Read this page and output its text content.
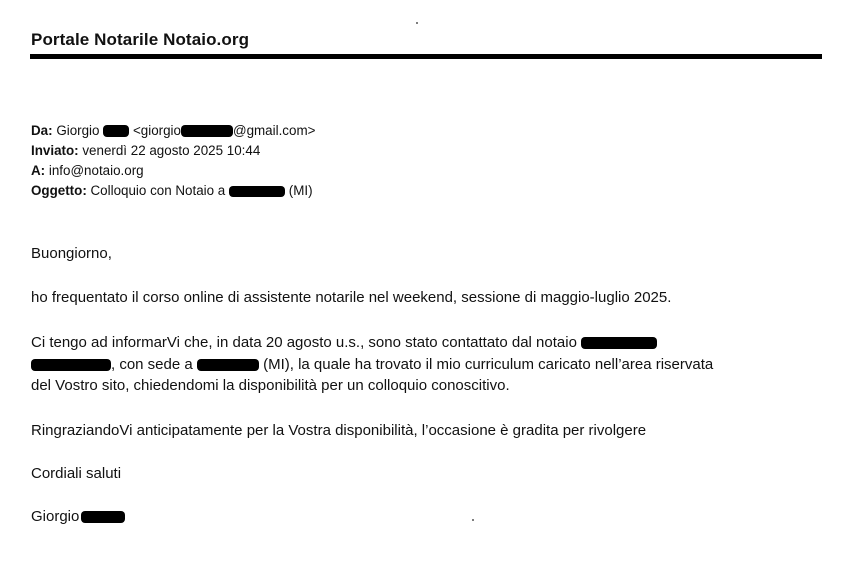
Portale Notarile Notaio.org
Da: Giorgio <giorgio	@gmail.com>
Inviato: venerdì 22 agosto 2025 10:44
A: info@notaio.org
Oggetto: Colloquio con Notaio a	(MI)
Buongiorno,
ho frequentato il corso online di assistente notarile nel weekend, sessione di maggio-luglio 2025.
Ci tengo ad informarVi che, in data 20 agosto u.s., sono stato contattato dal notaio
, con sede a	(MI), la quale ha trovato il mio curriculum caricato nell’area riservata
del Vostro sito, chiedendomi la disponibilità per un colloquio conoscitivo.
RingraziandoVi anticipatamente per la Vostra disponibilità, l’occasione è gradita per rivolgere
Cordiali saluti
Giorgio
